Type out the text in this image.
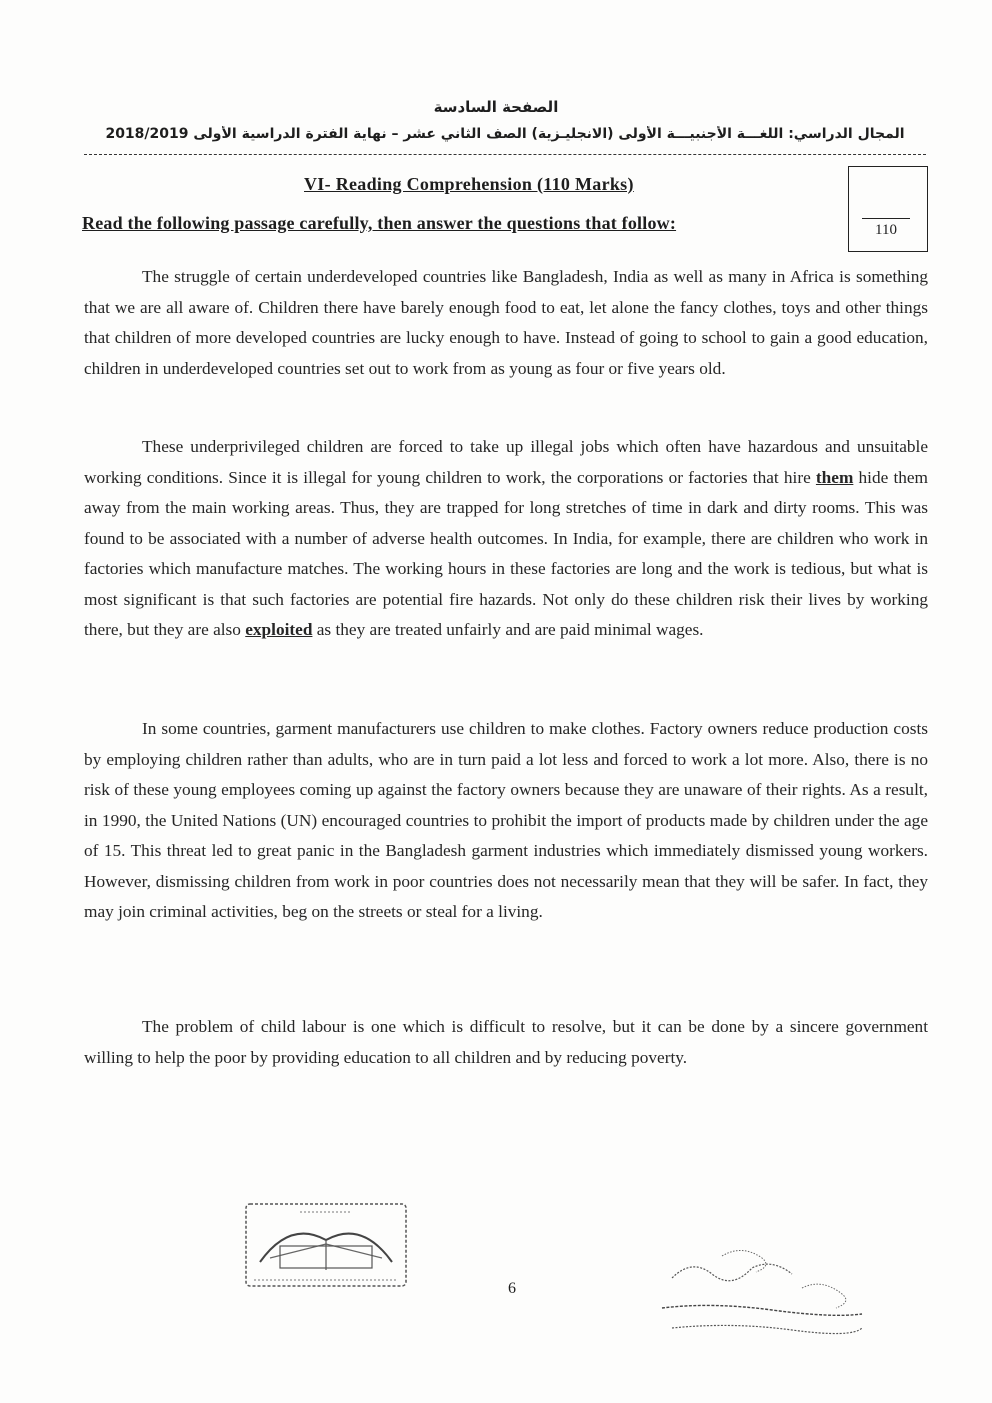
الصفحة السادسة
المجال الدراسي: اللغـــة الأجنبيـــة الأولى (الانجليـزية) الصف الثاني عشر – نهاية الفترة الدراسية الأولى 2018/2019
VI- Reading Comprehension (110 Marks)
Read the following passage carefully, then answer the questions that follow:	110

The struggle of certain underdeveloped countries like Bangladesh, India as well as many in Africa is something that we are all aware of. Children there have barely enough food to eat, let alone the fancy clothes, toys and other things that children of more developed countries are lucky enough to have. Instead of going to school to gain a good education, children in underdeveloped countries set out to work from as young as four or five years old.

These underprivileged children are forced to take up illegal jobs which often have hazardous and unsuitable working conditions. Since it is illegal for young children to work, the corporations or factories that hire them hide them away from the main working areas. Thus, they are trapped for long stretches of time in dark and dirty rooms. This was found to be associated with a number of adverse health outcomes. In India, for example, there are children who work in factories which manufacture matches. The working hours in these factories are long and the work is tedious, but what is most significant is that such factories are potential fire hazards. Not only do these children risk their lives by working there, but they are also exploited as they are treated unfairly and are paid minimal wages.

In some countries, garment manufacturers use children to make clothes. Factory owners reduce production costs by employing children rather than adults, who are in turn paid a lot less and forced to work a lot more. Also, there is no risk of these young employees coming up against the factory owners because they are unaware of their rights. As a result, in 1990, the United Nations (UN) encouraged countries to prohibit the import of products made by children under the age of 15. This threat led to great panic in the Bangladesh garment industries which immediately dismissed young workers. However, dismissing children from work in poor countries does not necessarily mean that they will be safer. In fact, they may join criminal activities, beg on the streets or steal for a living.

The problem of child labour is one which is difficult to resolve, but it can be done by a sincere government willing to help the poor by providing education to all children and by reducing poverty.

6
